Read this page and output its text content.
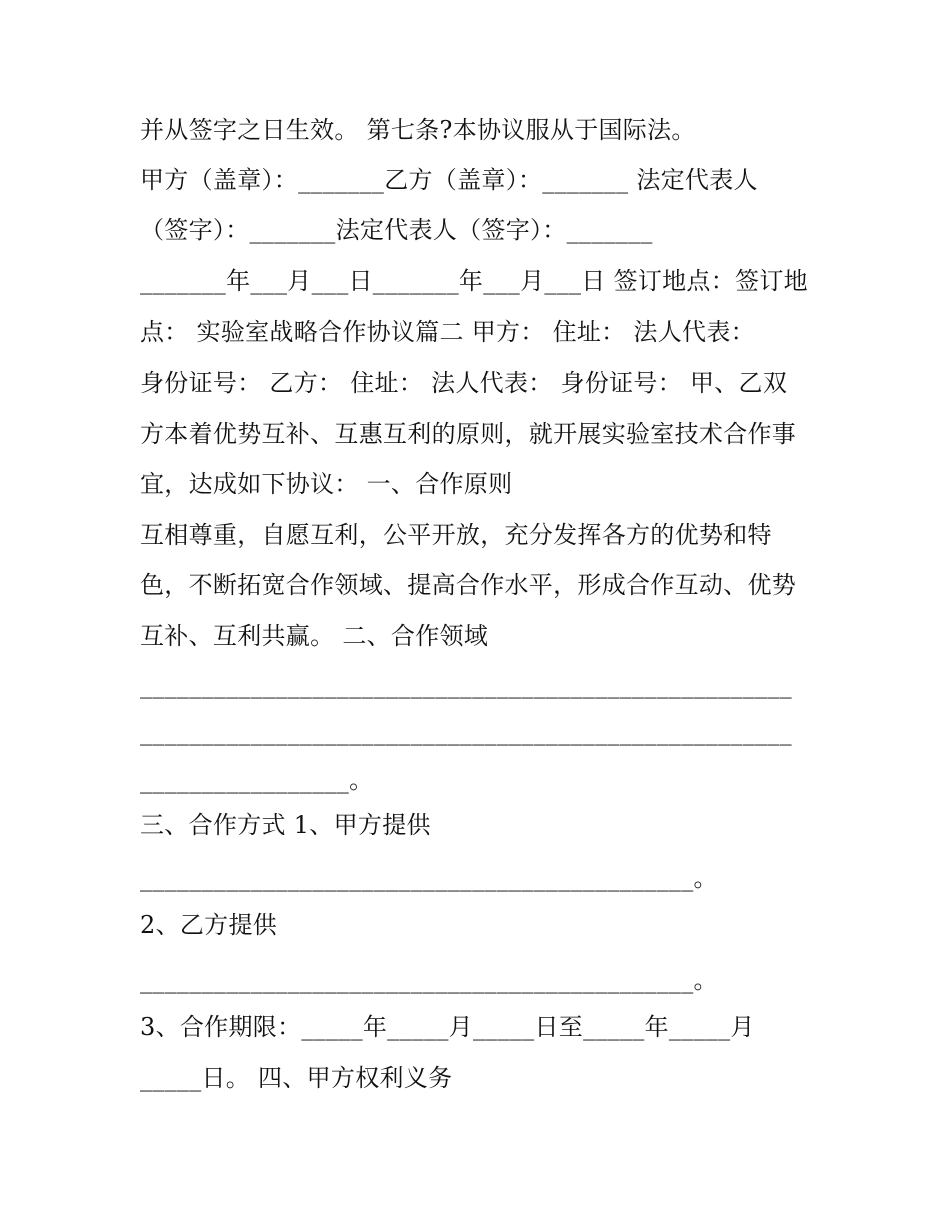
并从签字之日生效。 第七条?本协议服从于国际法。
甲方（盖章）：_______乙方（盖章）：_______ 法定代表人
（签字）：_______法定代表人（签字）：_______
_______年___月___日_______年___月___日 签订地点：签订地
点： 实验室战略合作协议篇二 甲方： 住址： 法人代表：
身份证号： 乙方： 住址： 法人代表： 身份证号： 甲、乙双
方本着优势互补、互惠互利的原则，就开展实验室技术合作事
宜，达成如下协议： 一、合作原则
互相尊重，自愿互利，公平开放，充分发挥各方的优势和特
色，不断拓宽合作领域、提高合作水平，形成合作互动、优势
互补、互利共赢。 二、合作领域
_____________________________________________________
_____________________________________________________
_________________。
三、合作方式 1、甲方提供
_____________________________________________。
2、乙方提供
_____________________________________________。
3、合作期限：_____年_____月_____日至_____年_____月
_____日。 四、甲方权利义务
